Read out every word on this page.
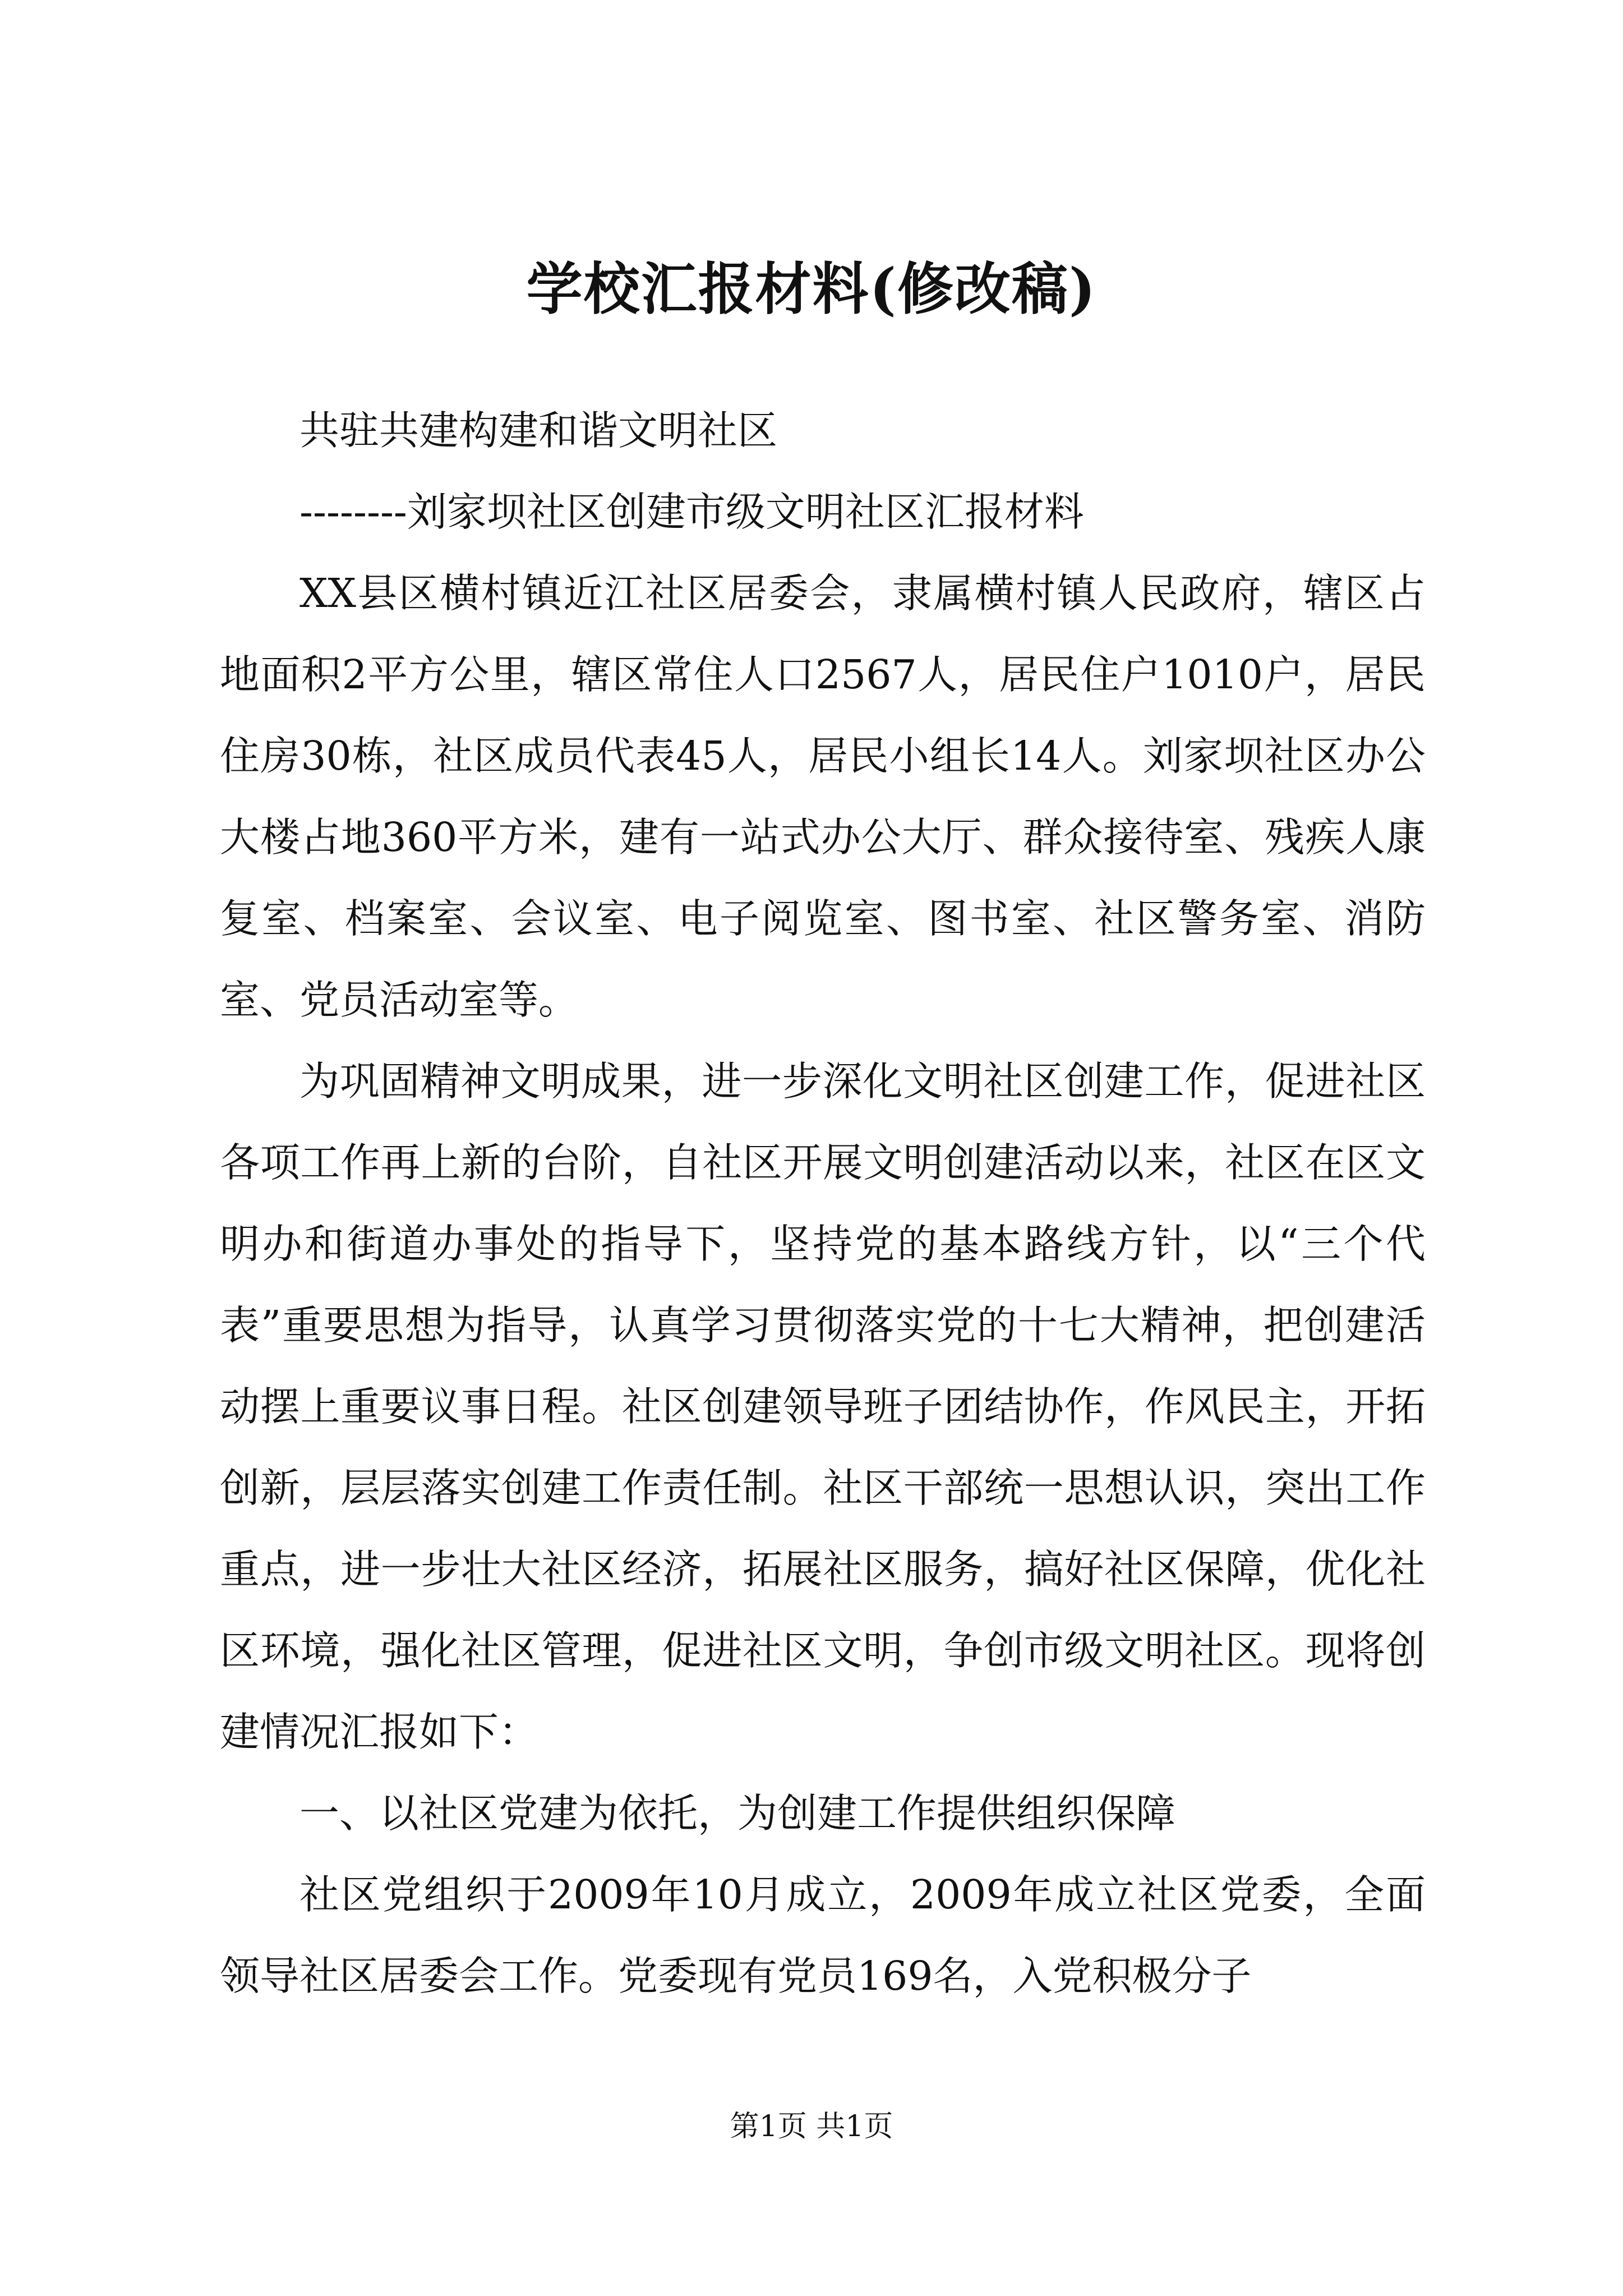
学校汇报材料(修改稿)

共驻共建构建和谐文明社区

--------刘家坝社区创建市级文明社区汇报材料

XX县区横村镇近江社区居委会，隶属横村镇人民政府，辖区占地面积2平方公里，辖区常住人口2567人，居民住户1010户，居民住房30栋，社区成员代表45人，居民小组长14人。刘家坝社区办公大楼占地360平方米，建有一站式办公大厅、群众接待室、残疾人康复室、档案室、会议室、电子阅览室、图书室、社区警务室、消防室、党员活动室等。

为巩固精神文明成果，进一步深化文明社区创建工作，促进社区各项工作再上新的台阶，自社区开展文明创建活动以来，社区在区文明办和街道办事处的指导下，坚持党的基本路线方针，以“三个代表”重要思想为指导，认真学习贯彻落实党的十七大精神，把创建活动摆上重要议事日程。社区创建领导班子团结协作，作风民主，开拓创新，层层落实创建工作责任制。社区干部统一思想认识，突出工作重点，进一步壮大社区经济，拓展社区服务，搞好社区保障，优化社区环境，强化社区管理，促进社区文明，争创市级文明社区。现将创建情况汇报如下：

一、以社区党建为依托，为创建工作提供组织保障

社区党组织于2009年10月成立，2009年成立社区党委，全面领导社区居委会工作。党委现有党员169名，入党积极分子

第1页 共1页
